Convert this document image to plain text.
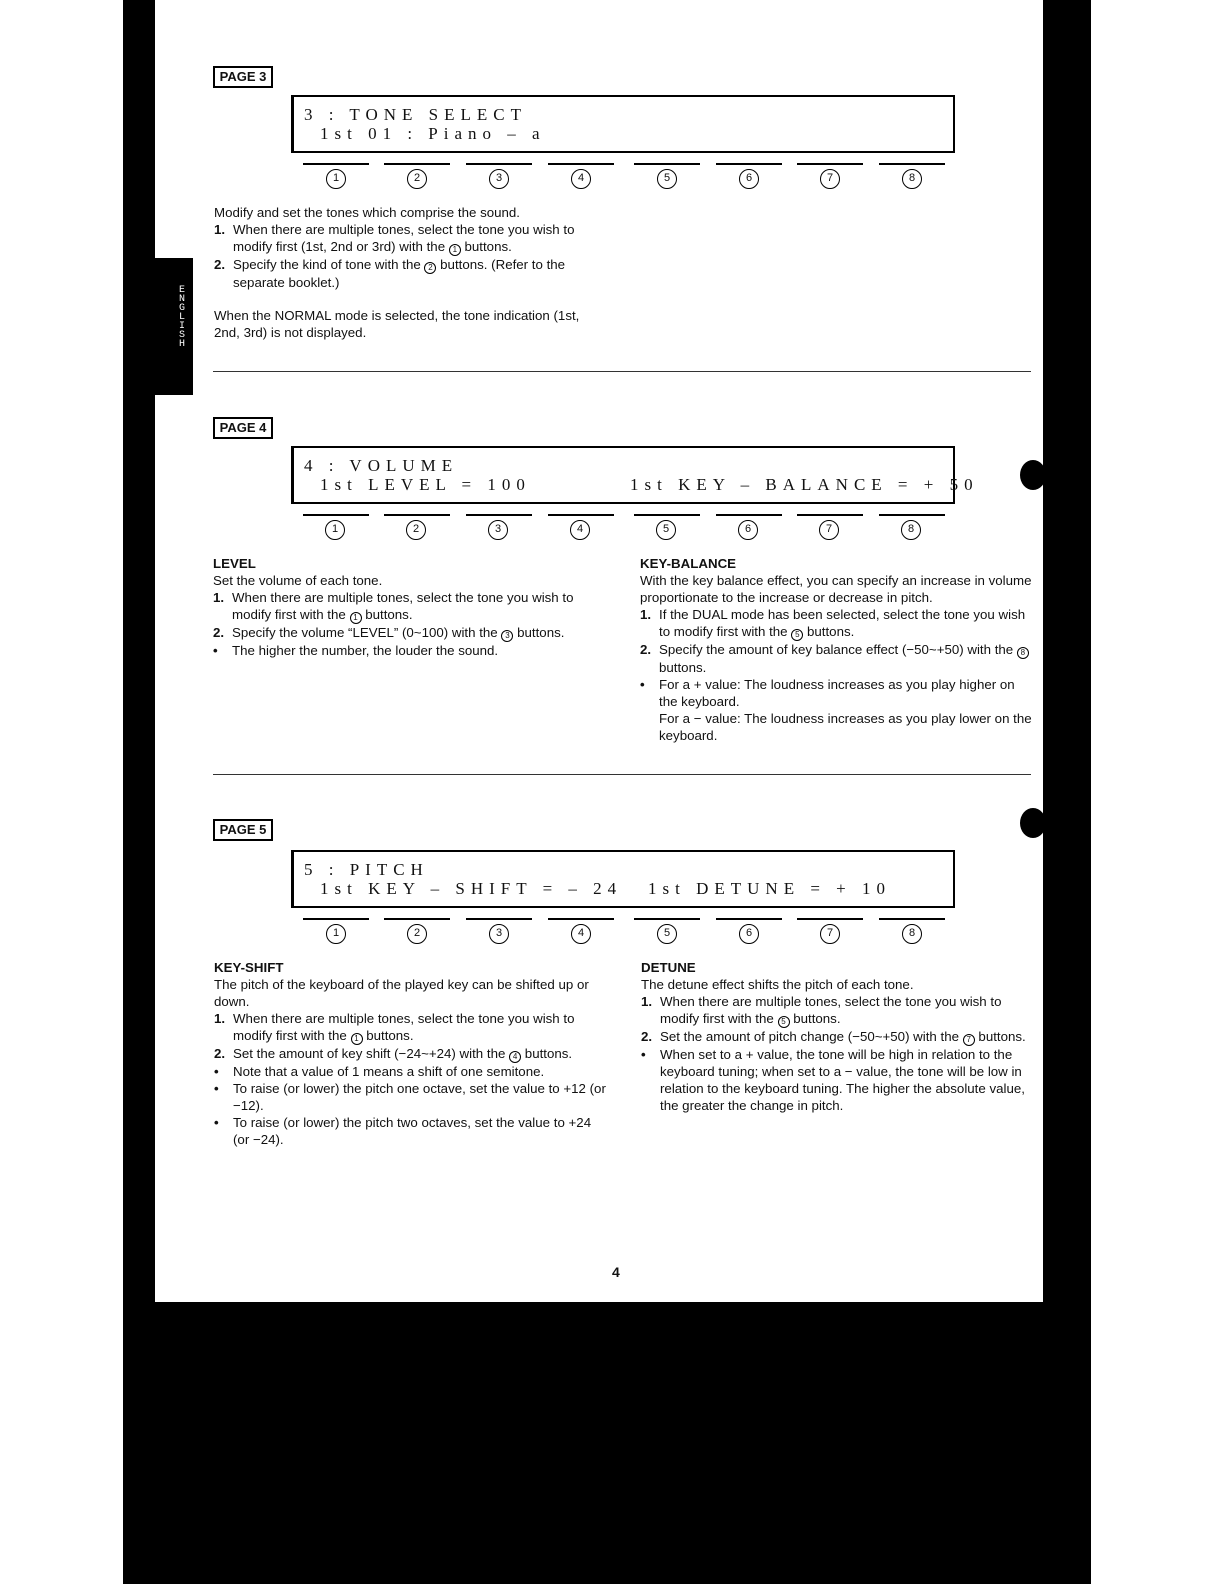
E
N
G
L
I
S
H
PAGE 3
3 : TONE SELECT
1st 01 : Piano – a
1	2	3	4	5	6	7	8

Modify and set the tones which comprise the sound.

1. When there are multiple tones, select the tone you wish to modify first (1st, 2nd or 3rd) with the 1 buttons.
2. Specify the kind of tone with the 2 buttons. (Refer to the separate booklet.)

When the NORMAL mode is selected, the tone indication (1st, 2nd, 3rd) is not displayed.

PAGE 4
4 : VOLUME
1st LEVEL = 100	1st KEY – BALANCE = + 50
1	2	3	4	5	6	7	8

LEVEL

Set the volume of each tone.

1. When there are multiple tones, select the tone you wish to modify first with the 1 buttons.
2. Specify the volume “LEVEL” (0~100) with the 3 buttons.
• The higher the number, the louder the sound.

KEY-BALANCE

With the key balance effect, you can specify an increase in volume proportionate to the increase or decrease in pitch.

1. If the DUAL mode has been selected, select the tone you wish to modify first with the 5 buttons.
2. Specify the amount of key balance effect (−50~+50) with the 8 buttons.
• For a + value: The loudness increases as you play higher on the keyboard.
For a − value: The loudness increases as you play lower on the keyboard.
PAGE 5
5 : PITCH
1st KEY – SHIFT = – 24 1st DETUNE = + 10
1	2	3	4	5	6	7	8

KEY-SHIFT

The pitch of the keyboard of the played key can be shifted up or down.

1. When there are multiple tones, select the tone you wish to modify first with the 1 buttons.
2. Set the amount of key shift (−24~+24) with the 4 buttons.
• Note that a value of 1 means a shift of one semitone.
• To raise (or lower) the pitch one octave, set the value to +12 (or −12).
• To raise (or lower) the pitch two octaves, set the value to +24 (or −24).

DETUNE

The detune effect shifts the pitch of each tone.

1. When there are multiple tones, select the tone you wish to modify first with the 5 buttons.
2. Set the amount of pitch change (−50~+50) with the 7 buttons.
• When set to a + value, the tone will be high in relation to the keyboard tuning; when set to a − value, the tone will be low in relation to the keyboard tuning. The higher the absolute value, the greater the change in pitch.
4
